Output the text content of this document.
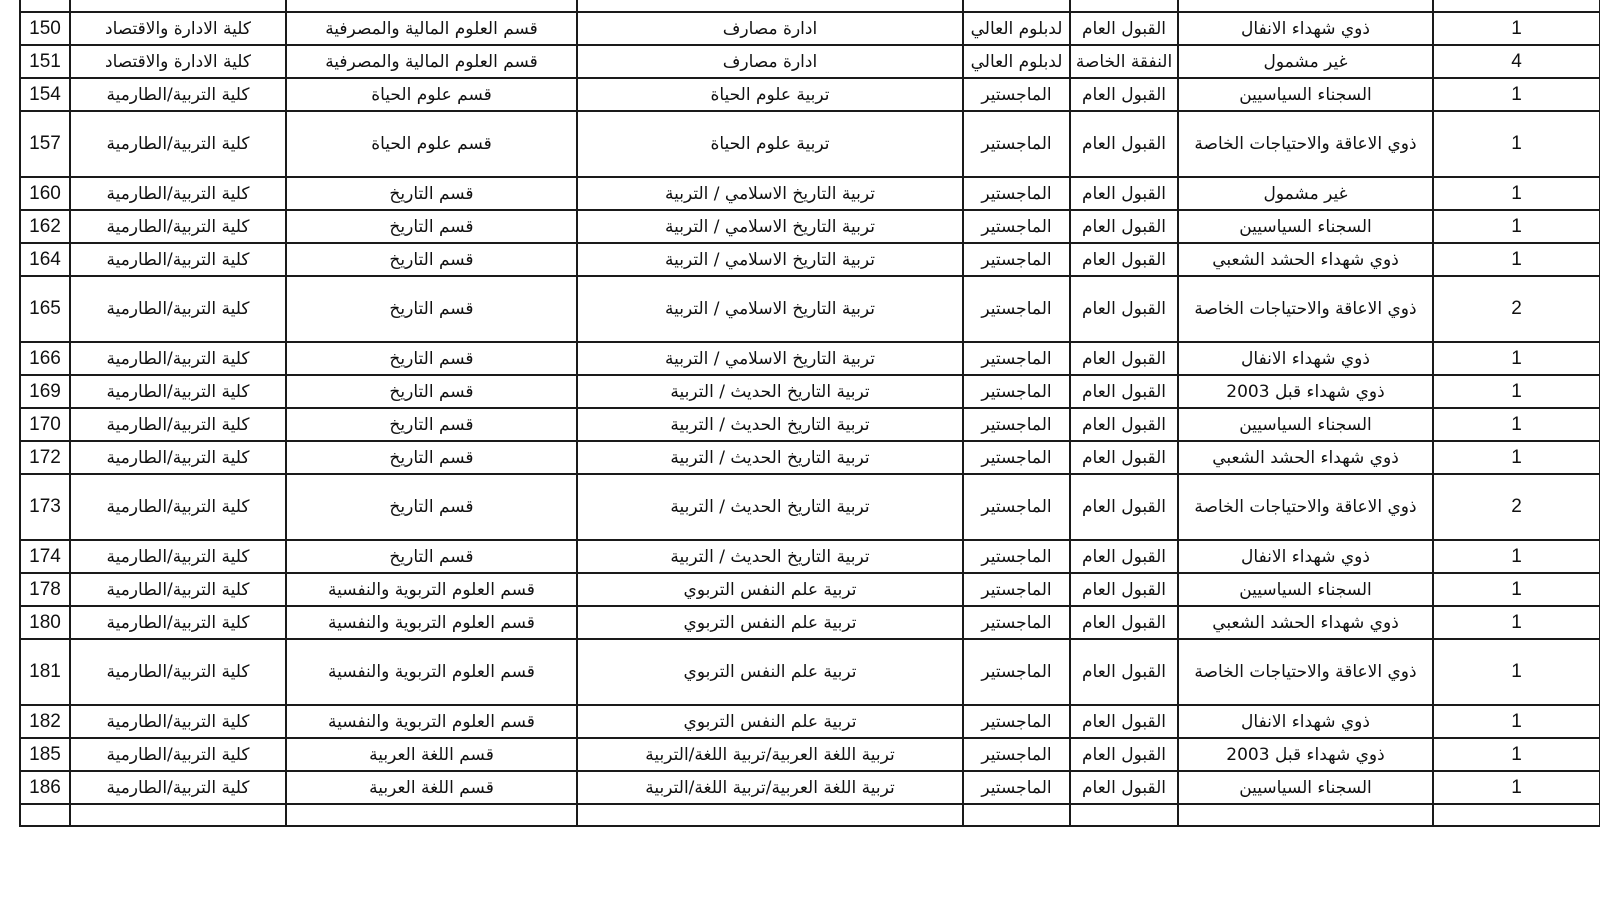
150	كلية الادارة والاقتصاد	قسم العلوم المالية والمصرفية	ادارة مصارف	لدبلوم العالي	القبول العام	ذوي شهداء الانفال	1
151	كلية الادارة والاقتصاد	قسم العلوم المالية والمصرفية	ادارة مصارف	لدبلوم العالي	النفقة الخاصة	غير مشمول	4
154	كلية التربية/الطارمية	قسم علوم الحياة	تربية علوم الحياة	الماجستير	القبول العام	السجناء السياسيين	1
157	كلية التربية/الطارمية	قسم علوم الحياة	تربية علوم الحياة	الماجستير	القبول العام	ذوي الاعاقة والاحتياجات الخاصة	1
160	كلية التربية/الطارمية	قسم التاريخ	تربية التاريخ الاسلامي / التربية	الماجستير	القبول العام	غير مشمول	1
162	كلية التربية/الطارمية	قسم التاريخ	تربية التاريخ الاسلامي / التربية	الماجستير	القبول العام	السجناء السياسيين	1
164	كلية التربية/الطارمية	قسم التاريخ	تربية التاريخ الاسلامي / التربية	الماجستير	القبول العام	ذوي شهداء الحشد الشعبي	1
165	كلية التربية/الطارمية	قسم التاريخ	تربية التاريخ الاسلامي / التربية	الماجستير	القبول العام	ذوي الاعاقة والاحتياجات الخاصة	2
166	كلية التربية/الطارمية	قسم التاريخ	تربية التاريخ الاسلامي / التربية	الماجستير	القبول العام	ذوي شهداء الانفال	1
169	كلية التربية/الطارمية	قسم التاريخ	تربية التاريخ الحديث / التربية	الماجستير	القبول العام	ذوي شهداء قبل 2003	1
170	كلية التربية/الطارمية	قسم التاريخ	تربية التاريخ الحديث / التربية	الماجستير	القبول العام	السجناء السياسيين	1
172	كلية التربية/الطارمية	قسم التاريخ	تربية التاريخ الحديث / التربية	الماجستير	القبول العام	ذوي شهداء الحشد الشعبي	1
173	كلية التربية/الطارمية	قسم التاريخ	تربية التاريخ الحديث / التربية	الماجستير	القبول العام	ذوي الاعاقة والاحتياجات الخاصة	2
174	كلية التربية/الطارمية	قسم التاريخ	تربية التاريخ الحديث / التربية	الماجستير	القبول العام	ذوي شهداء الانفال	1
178	كلية التربية/الطارمية	قسم العلوم التربوية والنفسية	تربية علم النفس التربوي	الماجستير	القبول العام	السجناء السياسيين	1
180	كلية التربية/الطارمية	قسم العلوم التربوية والنفسية	تربية علم النفس التربوي	الماجستير	القبول العام	ذوي شهداء الحشد الشعبي	1
181	كلية التربية/الطارمية	قسم العلوم التربوية والنفسية	تربية علم النفس التربوي	الماجستير	القبول العام	ذوي الاعاقة والاحتياجات الخاصة	1
182	كلية التربية/الطارمية	قسم العلوم التربوية والنفسية	تربية علم النفس التربوي	الماجستير	القبول العام	ذوي شهداء الانفال	1
185	كلية التربية/الطارمية	قسم اللغة العربية	تربية اللغة العربية/تربية اللغة/التربية	الماجستير	القبول العام	ذوي شهداء قبل 2003	1
186	كلية التربية/الطارمية	قسم اللغة العربية	تربية اللغة العربية/تربية اللغة/التربية	الماجستير	القبول العام	السجناء السياسيين	1
